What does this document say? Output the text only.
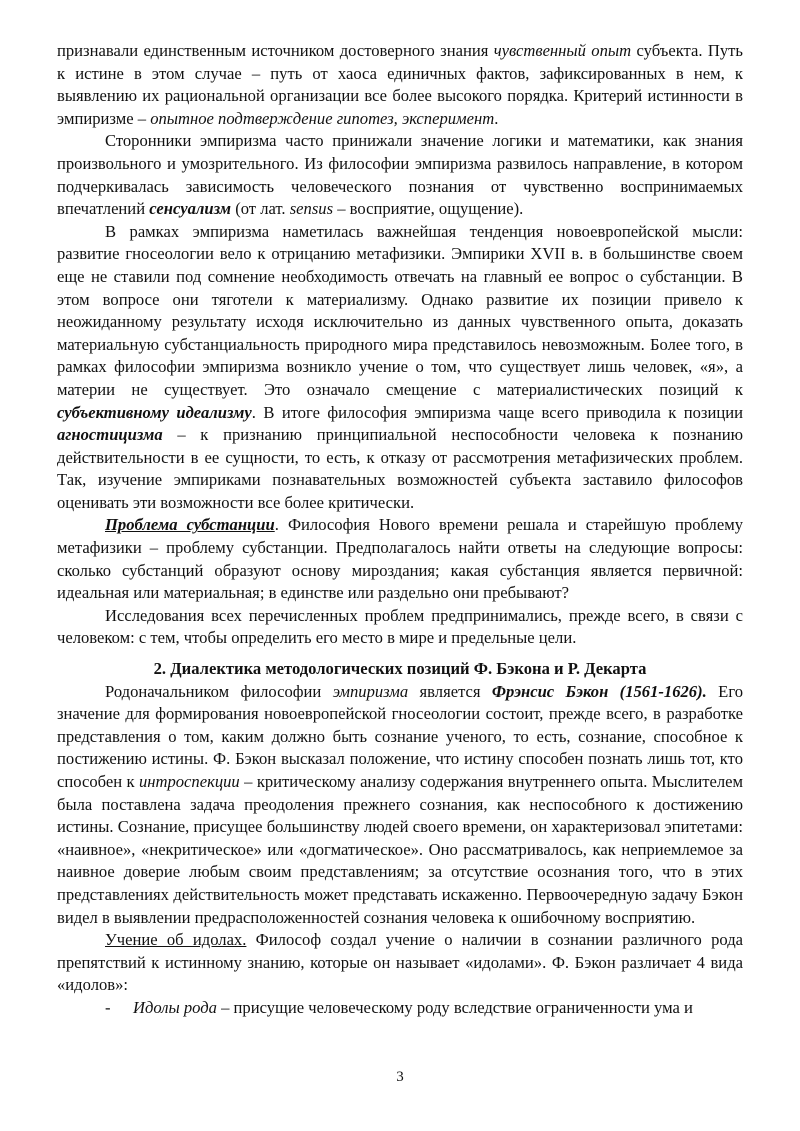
признавали единственным источником достоверного знания чувственный опыт субъекта. Путь к истине в этом случае – путь от хаоса единичных фактов, зафиксированных в нем, к выявлению их рациональной организации все более высокого порядка. Критерий истинности в эмпиризме – опытное подтверждение гипотез, эксперимент.

Сторонники эмпиризма часто принижали значение логики и математики, как знания произвольного и умозрительного. Из философии эмпиризма развилось направление, в котором подчеркивалась зависимость человеческого познания от чувственно воспринимаемых впечатлений сенсуализм (от лат. sensus – восприятие, ощущение).

В рамках эмпиризма наметилась важнейшая тенденция новоевропейской мысли: развитие гносеологии вело к отрицанию метафизики. Эмпирики XVII в. в большинстве своем еще не ставили под сомнение необходимость отвечать на главный ее вопрос о субстанции. В этом вопросе они тяготели к материализму. Однако развитие их позиции привело к неожиданному результату исходя исключительно из данных чувственного опыта, доказать материальную субстанциальность природного мира представилось невозможным. Более того, в рамках философии эмпиризма возникло учение о том, что существует лишь человек, «я», а материи не существует. Это означало смещение с материалистических позиций к субъективному идеализму. В итоге философия эмпиризма чаще всего приводила к позиции агностицизма – к признанию принципиальной неспособности человека к познанию действительности в ее сущности, то есть, к отказу от рассмотрения метафизических проблем. Так, изучение эмпириками познавательных возможностей субъекта заставило философов оценивать эти возможности все более критически.

Проблема субстанции. Философия Нового времени решала и старейшую проблему метафизики – проблему субстанции. Предполагалось найти ответы на следующие вопросы: сколько субстанций образуют основу мироздания; какая субстанция является первичной: идеальная или материальная; в единстве или раздельно они пребывают?

Исследования всех перечисленных проблем предпринимались, прежде всего, в связи с человеком: с тем, чтобы определить его место в мире и предельные цели.

2. Диалектика методологических позиций Ф. Бэкона и Р. Декарта

Родоначальником философии эмпиризма является Фрэнсис Бэкон (1561-1626). Его значение для формирования новоевропейской гносеологии состоит, прежде всего, в разработке представления о том, каким должно быть сознание ученого, то есть, сознание, способное к постижению истины. Ф. Бэкон высказал положение, что истину способен познать лишь тот, кто способен к интроспекции – критическому анализу содержания внутреннего опыта. Мыслителем была поставлена задача преодоления прежнего сознания, как неспособного к достижению истины. Сознание, присущее большинству людей своего времени, он характеризовал эпитетами: «наивное», «некритическое» или «догматическое». Оно рассматривалось, как неприемлемое за наивное доверие любым своим представлениям; за отсутствие осознания того, что в этих представлениях действительность может представать искаженно. Первоочередную задачу Бэкон видел в выявлении предрасположенностей сознания человека к ошибочному восприятию.

Учение об идолах. Философ создал учение о наличии в сознании различного рода препятствий к истинному знанию, которые он называет «идолами». Ф. Бэкон различает 4 вида «идолов»:

- Идолы рода – присущие человеческому роду вследствие ограниченности ума и

3
